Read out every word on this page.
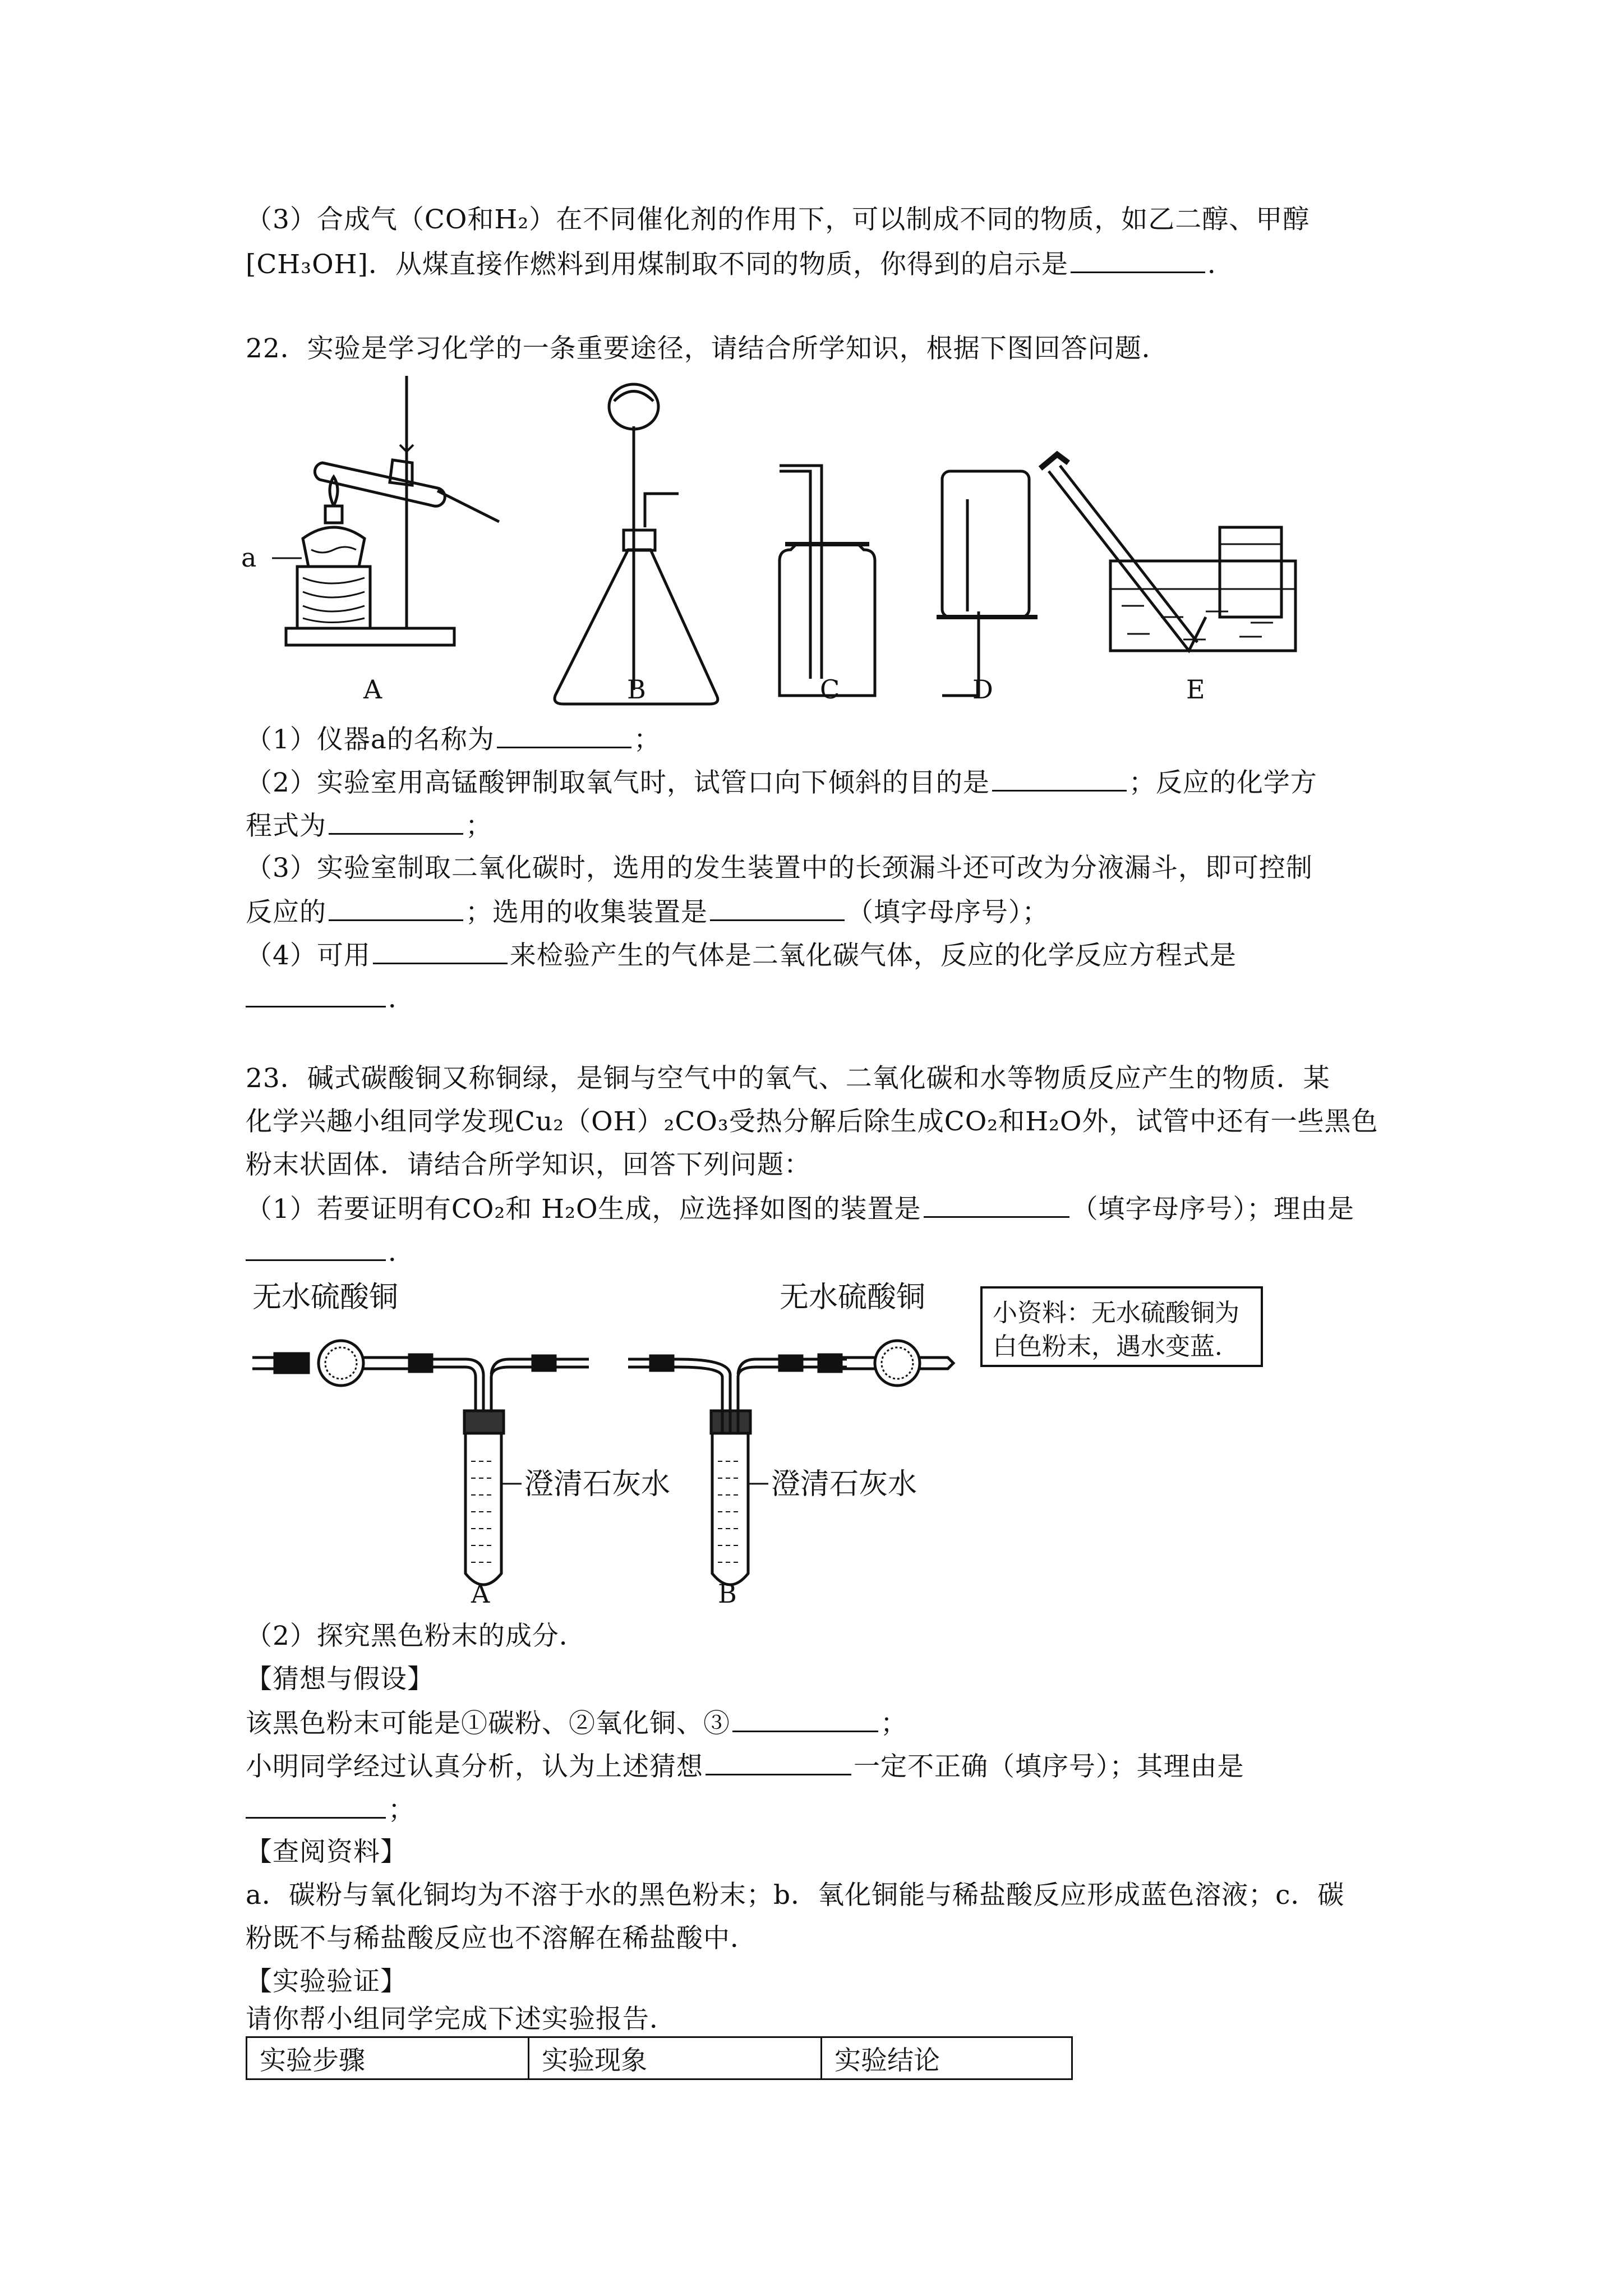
（3）合成气（CO和H₂）在不同催化剂的作用下，可以制成不同的物质，如乙二醇、甲醇
[CH₃OH]．从煤直接作燃料到用煤制取不同的物质，你得到的启示是	．
22．实验是学习化学的一条重要途径，请结合所学知识，根据下图回答问题．
a
A	B	C	D	E
（1）仪器a的名称为	；
（2）实验室用高锰酸钾制取氧气时，试管口向下倾斜的目的是	；反应的化学方
程式为	；
（3）实验室制取二氧化碳时，选用的发生装置中的长颈漏斗还可改为分液漏斗，即可控制
反应的	；选用的收集装置是	（填字母序号）；
（4）可用	来检验产生的气体是二氧化碳气体，反应的化学反应方程式是
．
23．碱式碳酸铜又称铜绿，是铜与空气中的氧气、二氧化碳和水等物质反应产生的物质．某
化学兴趣小组同学发现Cu₂（OH）₂CO₃受热分解后除生成CO₂和H₂O外，试管中还有一些黑色
粉末状固体．请结合所学知识，回答下列问题：
（1）若要证明有CO₂和 H₂O生成，应选择如图的装置是	（填字母序号）；理由是
．
无水硫酸铜	无水硫酸铜
澄清石灰水	澄清石灰水
小资料：无水硫酸铜为
白色粉末，遇水变蓝．
A	B
（2）探究黑色粉末的成分．
【猜想与假设】
该黑色粉末可能是①碳粉、②氧化铜、③	；
小明同学经过认真分析，认为上述猜想	一定不正确（填序号）；其理由是
；
【查阅资料】
a．碳粉与氧化铜均为不溶于水的黑色粉末；b．氧化铜能与稀盐酸反应形成蓝色溶液；c．碳
粉既不与稀盐酸反应也不溶解在稀盐酸中．
【实验验证】
请你帮小组同学完成下述实验报告．
实验步骤	实验现象	实验结论
